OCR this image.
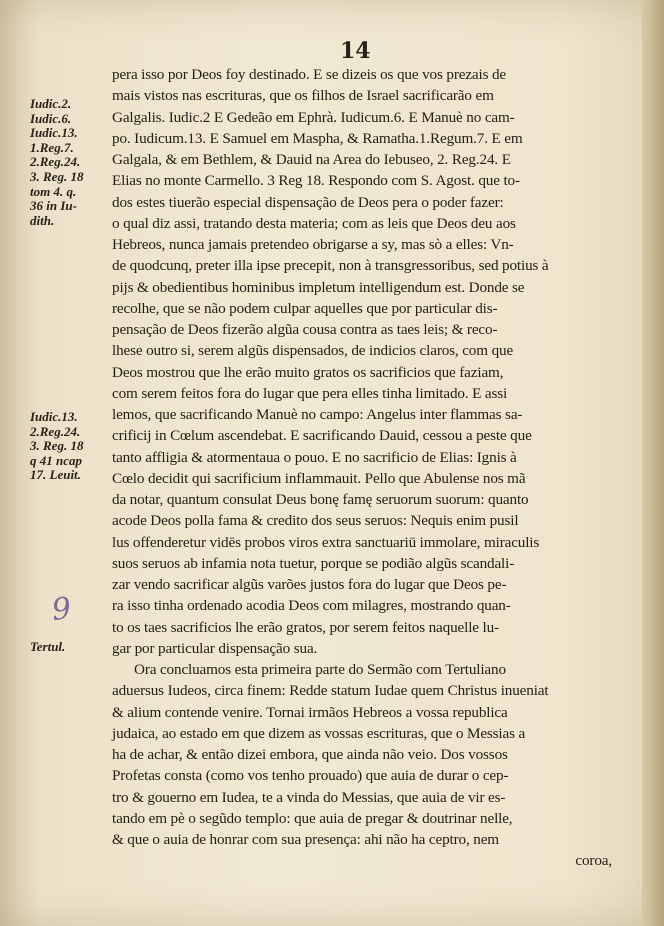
14
Iudic.2.
Iudic.6.
Iudic.13.
1.Reg.7.
2.Reg.24.
3. Reg. 18
tom 4. q.
36 in Iu-
dith.
Iudic.13.
2.Reg.24.
3. Reg. 18
q 41 ncap
17. Leuit.
Tertul.
9
pera isso por Deos foy destinado. E se dizeis os que vos prezais de
mais vistos nas escrituras, que os filhos de Israel sacrificarão em
Galgalis. Iudic.2 E Gedeão em Ephrà. Iudicum.6. E Manuè no cam-
po. Iudicum.13. E Samuel em Maspha, & Ramatha.1.Regum.7. E em
Galgala, & em Bethlem, & Dauid na Area do Iebuseo, 2. Reg.24. E
Elias no monte Carmello. 3 Reg 18. Respondo com S. Agost. que to-
dos estes tiuerão especial dispensação de Deos pera o poder fazer:
o qual diz assi, tratando desta materia; com as leis que Deos deu aos
Hebreos, nunca jamais pretendeo obrigarse a sy, mas sò a elles: Vn-
de quodcunq, preter illa ipse precepit, non à transgressoribus, sed potius à
pijs & obedientibus hominibus impletum intelligendum est. Donde se
recolhe, que se não podem culpar aquelles que por particular dis-
pensação de Deos fizerão algũa cousa contra as taes leis; & reco-
lhese outro si, serem algũs dispensados, de indicios claros, com que
Deos mostrou que lhe erão muito gratos os sacrificios que faziam,
com serem feitos fora do lugar que pera elles tinha limitado. E assi
lemos, que sacrificando Manuè no campo: Angelus inter flammas sa-
crificij in Cœlum ascendebat. E sacrificando Dauid, cessou a peste que
tanto affligia & atormentaua o pouo. E no sacrificio de Elias: Ignis à
Cœlo decidit qui sacrificium inflammauit. Pello que Abulense nos mã
da notar, quantum consulat Deus bonę famę seruorum suorum: quanto
acode Deos polla fama & credito dos seus seruos: Nequis enim pusil
lus offenderetur vidēs probos viros extra sanctuariū immolare, miraculis
suos seruos ab infamia nota tuetur, porque se podião algũs scandali-
zar vendo sacrificar algũs varões justos fora do lugar que Deos pe-
ra isso tinha ordenado acodia Deos com milagres, mostrando quan-
to os taes sacrificios lhe erão gratos, por serem feitos naquelle lu-
gar por particular dispensação sua.
Ora concluamos esta primeira parte do Sermão com Tertuliano
aduersus Iudeos, circa finem: Redde statum Iudae quem Christus inueniat
& alium contende venire. Tornai irmãos Hebreos a vossa republica
judaica, ao estado em que dizem as vossas escrituras, que o Messias a
ha de achar, & então dizei embora, que ainda não veio. Dos vossos
Profetas consta (como vos tenho prouado) que auia de durar o cep-
tro & gouerno em Iudea, te a vinda do Messias, que auia de vir es-
tando em pè o segũdo templo: que auia de pregar & doutrinar nelle,
& que o auia de honrar com sua presença: ahi não ha ceptro, nem
coroa,
